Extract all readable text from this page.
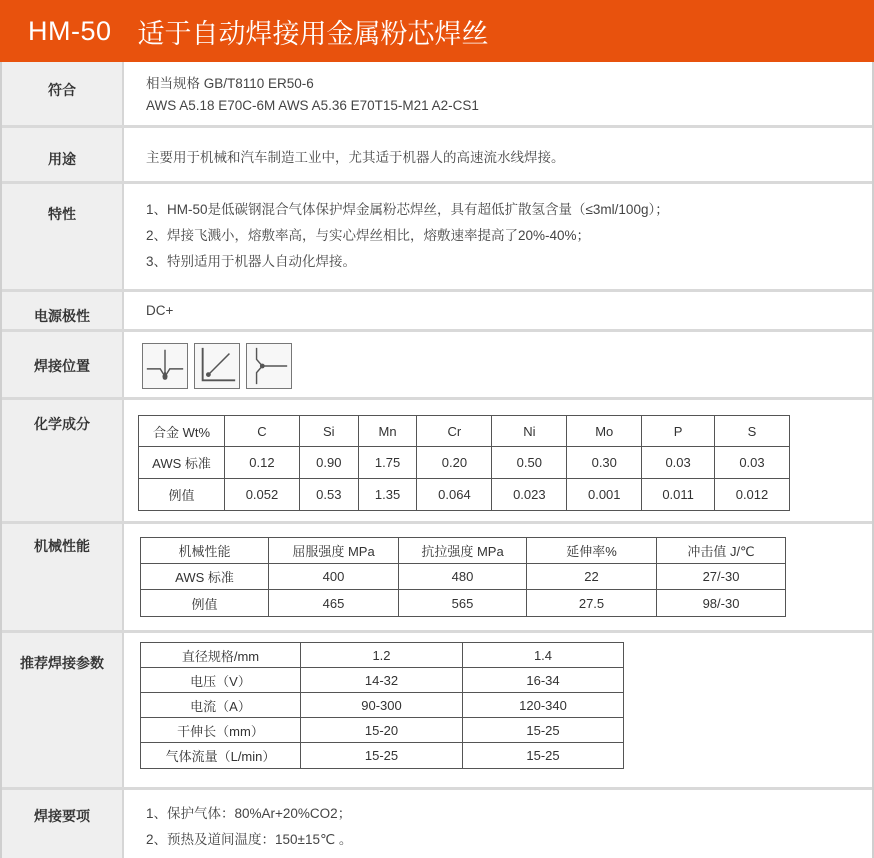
HM-50 适于自动焊接用金属粉芯焊丝
符合	相当规格 GB/T8110 ER50-6
AWS A5.18 E70C-6M AWS A5.36 E70T15-M21 A2-CS1
用途	主要用于机械和汽车制造工业中，尤其适于机器人的高速流水线焊接。
特性	1、HM-50是低碳钢混合气体保护焊金属粉芯焊丝，具有超低扩散氢含量（≤3ml/100g）；
2、焊接飞溅小，熔敷率高，与实心焊丝相比，熔敷速率提高了20%-40%；
3、特别适用于机器人自动化焊接。
电源极性	DC+
焊接位置
化学成分	合金 Wt%	C	Si	Mn	Cr	Ni	Mo	P	S
AWS 标准	0.12	0.90	1.75	0.20	0.50	0.30	0.03	0.03
例值	0.052	0.53	1.35	0.064	0.023	0.001	0.011	0.012
机械性能	机械性能	屈服强度 MPa	抗拉强度 MPa	延伸率%	冲击值 J/℃
AWS 标准	400	480	22	27/-30
例值	465	565	27.5	98/-30
推荐焊接参数	直径规格/mm	1.2	1.4
电压（V）	14-32	16-34
电流（A）	90-300	120-340
干伸长（mm）	15-20	15-25
气体流量（L/min）	15-25	15-25
焊接要项	1、保护气体：80%Ar+20%CO2；
2、预热及道间温度：150±15℃ 。
